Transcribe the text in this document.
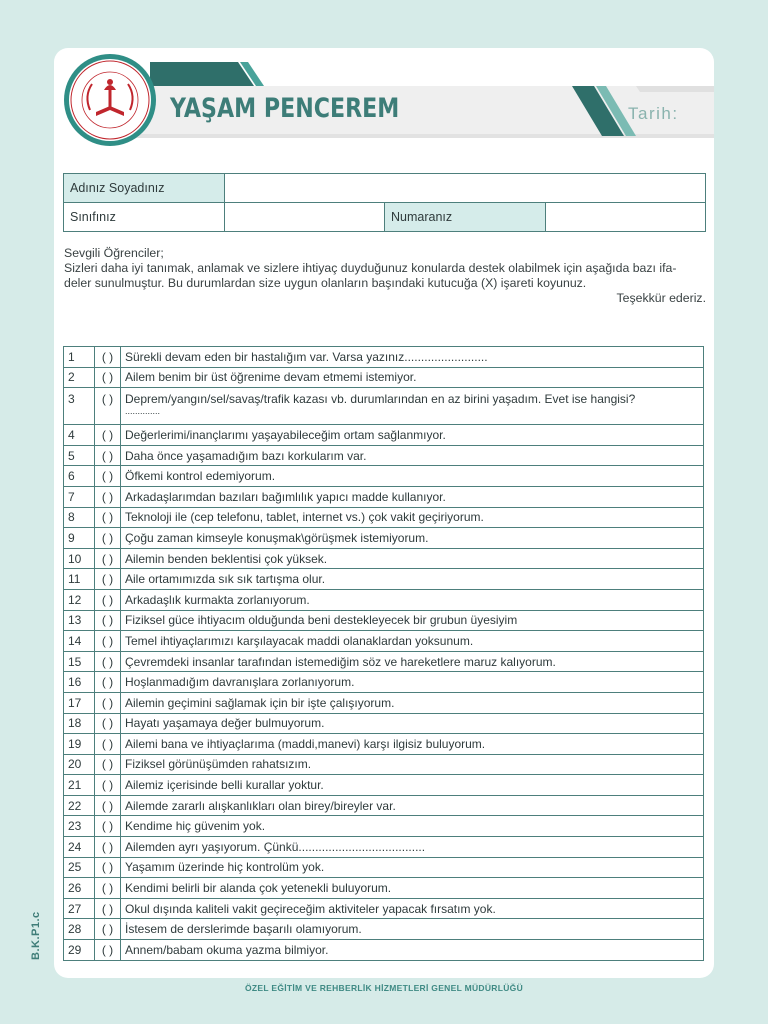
YAŞAM PENCEREM	Tarih:
Adınız Soyadınız			
Sınıfınız		Numaranız	

Sevgili Öğrenciler;

Sizleri daha iyi tanımak, anlamak ve sizlere ihtiyaç duyduğunuz konularda destek olabilmek için aşağıda bazı ifa-

deler sunulmuştur. Bu durumlardan size uygun olanların başındaki kutucuğa (X) işareti koyunuz.

Teşekkür ederiz.

1	( )	Sürekli devam eden bir hastalığım var. Varsa yazınız.........................
2	( )	Ailem benim bir üst öğrenime devam etmemi istemiyor.
3	( )	Deprem/yangın/sel/savaş/trafik kazası vb. durumlarından en az birini yaşadım. Evet ise hangisi?
..............

4	( )	Değerlerimi/inançlarımı yaşayabileceğim ortam sağlanmıyor.
5	( )	Daha önce yaşamadığım bazı korkularım var.
6	( )	Öfkemi kontrol edemiyorum.
7	( )	Arkadaşlarımdan bazıları bağımlılık yapıcı madde kullanıyor.
8	( )	Teknoloji ile (cep telefonu, tablet, internet vs.) çok vakit geçiriyorum.
9	( )	Çoğu zaman kimseyle konuşmak\görüşmek istemiyorum.
10	( )	Ailemin benden beklentisi çok yüksek.
11	( )	Aile ortamımızda sık sık tartışma olur.
12	( )	Arkadaşlık kurmakta zorlanıyorum.
13	( )	Fiziksel güce ihtiyacım olduğunda beni destekleyecek bir grubun üyesiyim
14	( )	Temel ihtiyaçlarımızı karşılayacak maddi olanaklardan yoksunum.
15	( )	Çevremdeki insanlar tarafından istemediğim söz ve hareketlere maruz kalıyorum.
16	( )	Hoşlanmadığım davranışlara zorlanıyorum.
17	( )	Ailemin geçimini sağlamak için bir işte çalışıyorum.
18	( )	Hayatı yaşamaya değer bulmuyorum.
19	( )	Ailemi bana ve ihtiyaçlarıma (maddi,manevi) karşı ilgisiz buluyorum.
20	( )	Fiziksel görünüşümden rahatsızım.
21	( )	Ailemiz içerisinde belli kurallar yoktur.
22	( )	Ailemde zararlı alışkanlıkları olan birey/bireyler var.
23	( )	Kendime hiç güvenim yok.
24	( )	Ailemden ayrı yaşıyorum. Çünkü......................................
25	( )	Yaşamım üzerinde hiç kontrolüm yok.
26	( )	Kendimi belirli bir alanda çok yetenekli buluyorum.
27	( )	Okul dışında kaliteli vakit geçireceğim aktiviteler yapacak fırsatım yok.
28	( )	İstesem de derslerimde başarılı olamıyorum.
29	( )	Annem/babam okuma yazma bilmiyor.
B.K.P1.c
ÖZEL EĞİTİM VE REHBERLİK HİZMETLERİ GENEL MÜDÜRLÜĞÜ
